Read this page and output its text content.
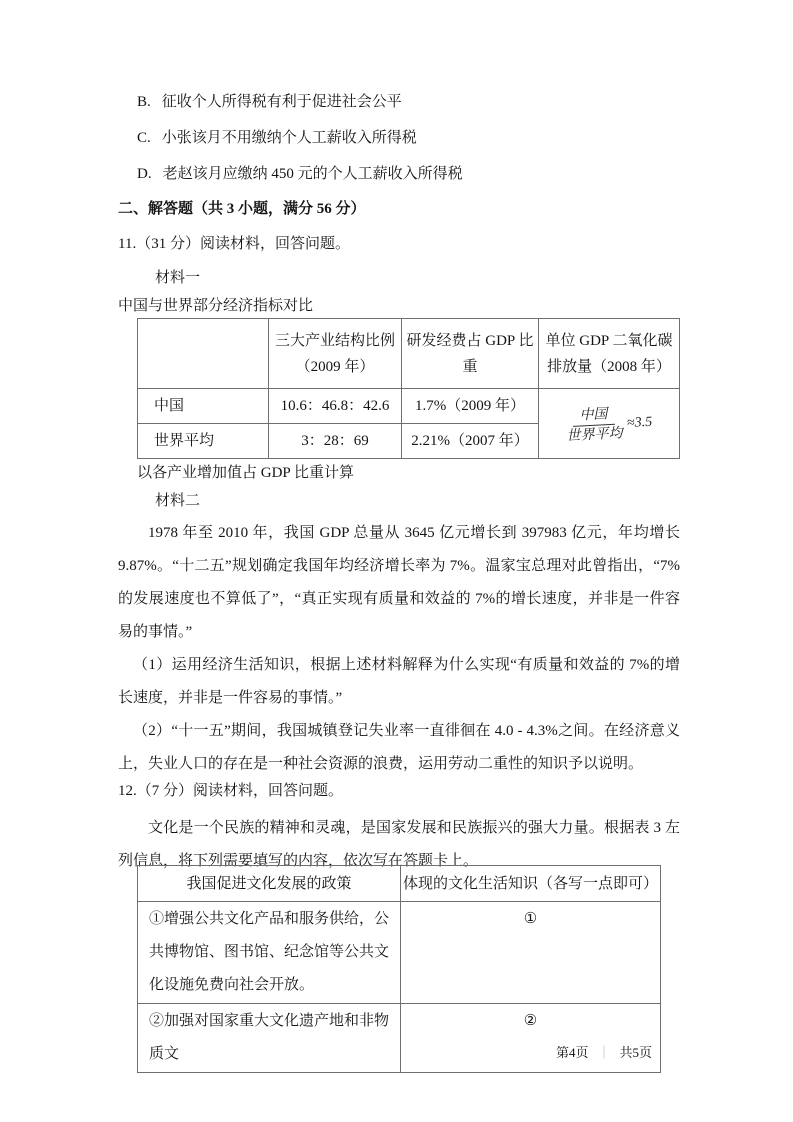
B. 征收个人所得税有利于促进社会公平
C. 小张该月不用缴纳个人工薪收入所得税
D. 老赵该月应缴纳 450 元的个人工薪收入所得税
二、解答题（共 3 小题，满分 56 分）
11.（31 分）阅读材料，回答问题。
材料一
中国与世界部分经济指标对比
	三大产业结构比例（2009 年）	研发经费占 GDP 比重	单位 GDP 二氧化碳排放量（2008 年）
中国	10.6：46.8：42.6	1.7%（2009 年）	$\frac{\text{中国}}{\text{世界平均}} \approx 3.5$

世界平均	3：28：69	2.21%（2007 年）	
以各产业增加值占 GDP 比重计算
材料二
1978 年至 2010 年，我国 GDP 总量从 3645 亿元增长到 397983 亿元，年均增长 9.87%。“十二五”规划确定我国年均经济增长率为 7%。温家宝总理对此曾指出，“7%的发展速度也不算低了”，“真正实现有质量和效益的 7%的增长速度，并非是一件容易的事情。”
（1）运用经济生活知识，根据上述材料解释为什么实现“有质量和效益的 7%的增长速度，并非是一件容易的事情。”
（2）“十一五”期间，我国城镇登记失业率一直徘徊在 4.0 - 4.3%之间。在经济意义上，失业人口的存在是一种社会资源的浪费，运用劳动二重性的知识予以说明。
12.（7 分）阅读材料，回答问题。
文化是一个民族的精神和灵魂，是国家发展和民族振兴的强大力量。根据表 3 左列信息，将下列需要填写的内容，依次写在答题卡上。
我国促进文化发展的政策	体现的文化生活知识（各写一点即可）
①增强公共文化产品和服务供给，公共博物馆、图书馆、纪念馆等公共文化设施免费向社会开放。	①
②加强对国家重大文化遗产地和非物质文	②
第4页 ｜ 共5页
